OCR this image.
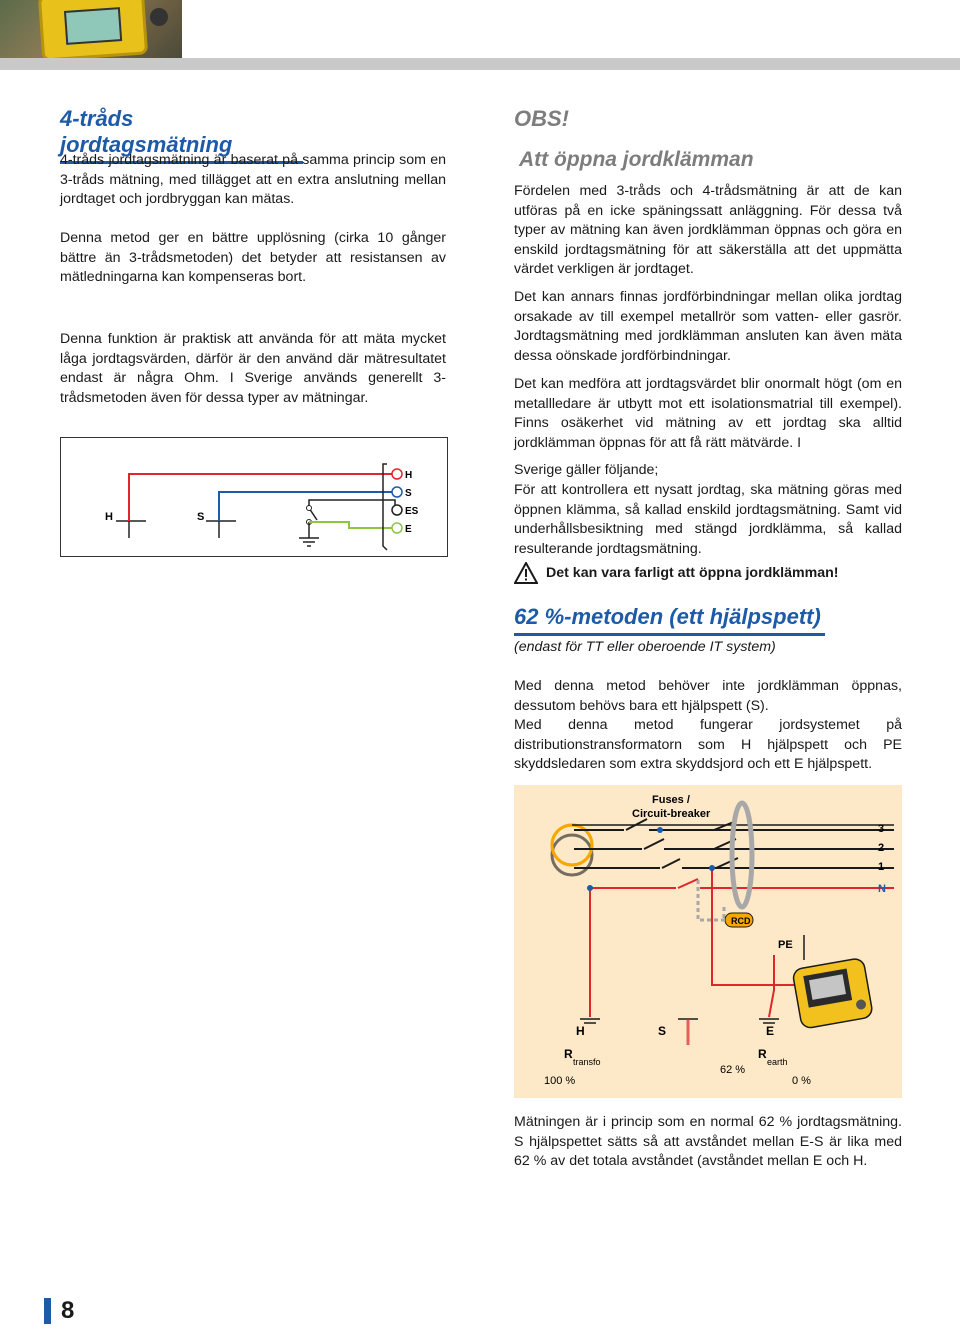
4-tråds jordtagsmätning

4-tråds jordtagsmätning är baserat på samma princip som en 3-tråds mätning, med tillägget att en extra anslutning mellan jordtaget och jordbryggan kan mätas.

Denna metod ger en bättre upplösning (cirka 10 gånger bättre än 3-trådsmetoden) det betyder att resistansen av mätledningarna kan kompenseras bort.

Denna funktion är praktisk att använda för att mäta mycket låga jordtagsvärden, därför är den använd där mätresultatet endast är några Ohm. I Sverige används generellt 3-trådsmetoden även för dessa typer av mätningar.

H	S
H
S
ES
E
OBS!
Att öppna jordklämman

Fördelen med 3-tråds och 4-trådsmätning är att de kan utföras på en icke späningssatt anläggning. För dessa två typer av mätning kan även jordklämman öppnas och göra en enskild jordtagsmätning för att säkerställa att det uppmätta värdet verkligen är jordtaget.

Det kan annars finnas jordförbindningar mellan olika jordtag orsakade av till exempel metallrör som vatten- eller gasrör. Jordtagsmätning med jordklämman ansluten kan även mäta dessa oönskade jordförbindningar.

Det kan medföra att jordtagsvärdet blir onormalt högt (om en metallledare är utbytt mot ett isolationsmatrial till exempel). Finns osäkerhet vid mätning av ett jordtag ska alltid jordklämman öppnas för att få rätt mätvärde. I

Sverige gäller följande;

För att kontrollera ett nysatt jordtag, ska mätning göras med öppnen klämma, så kallad enskild jordtagsmätning. Samt vid underhållsbesiktning med stängd jordklämma, så kallad resulterande jordtagsmätning.

Det kan vara farligt att öppna jordklämman!
62 %-metoden (ett hjälpspett)

(endast för TT eller oberoende IT system)

Med denna metod behöver inte jordklämman öppnas, dessutom behövs bara ett hjälpspett (S).

Med denna metod fungerar jordsystemet på distributionstransformatorn som H hjälpspett och PE skyddsledaren som extra skyddsjord och ett E hjälpspett.

RCD
Fuses /
Circuit-breaker
3
2
1
N
PE
H	S	E
R
transfo
R
earth
100 %
62 %
0 %

Mätningen är i princip som en normal 62 % jordtagsmätning. S hjälpspettet sätts så att avståndet mellan E-S är lika med 62 % av det totala avståndet (avståndet mellan E och H.

8
